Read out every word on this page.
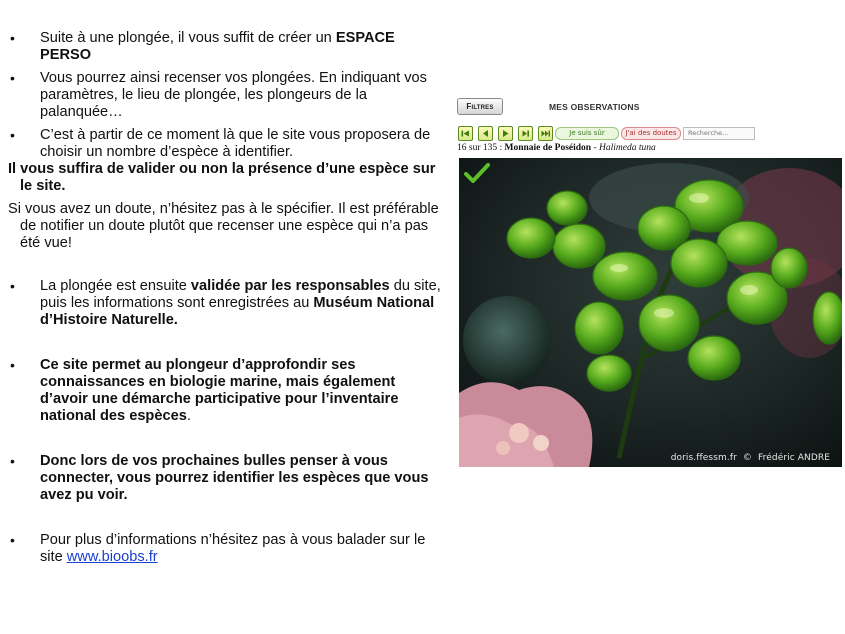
•	Suite à une plongée, il vous suffit de créer un ESPACE PERSO

•	Vous pourrez ainsi recenser vos plongées. En indiquant vos paramètres, le lieu de plongée, les plongeurs de la palanquée…

•	C’est à partir de ce moment là que le site vous proposera de choisir un nombre d’espèce à identifier.

Il vous suffira de valider ou non la présence d’une espèce sur le site.

Si vous avez un doute, n’hésitez pas à le spécifier. Il est préférable de notifier un doute plutôt que recenser une espèce qui n’a pas été vue!

•	La plongée est ensuite validée par les responsables du site, puis les informations sont enregistrées au Muséum National d’Histoire Naturelle.

•	Ce site permet au plongeur d’approfondir ses connaissances en biologie marine, mais également d’avoir une démarche participative pour l’inventaire national des espèces.

•	Donc lors de vos prochaines bulles penser à vous connecter, vous pourrez identifier les espèces que vous avez pu voir.

•	Pour plus d’informations n’hésitez pas à vous balader sur le site www.bioobs.fr

Filtres	MES OBSERVATIONS
Je suis sûr	J'ai des doutes
Recherche...
16 sur 135 : Monnaie de Poséidon - Halimeda tuna
doris.ffessm.fr © Frédéric ANDRE
